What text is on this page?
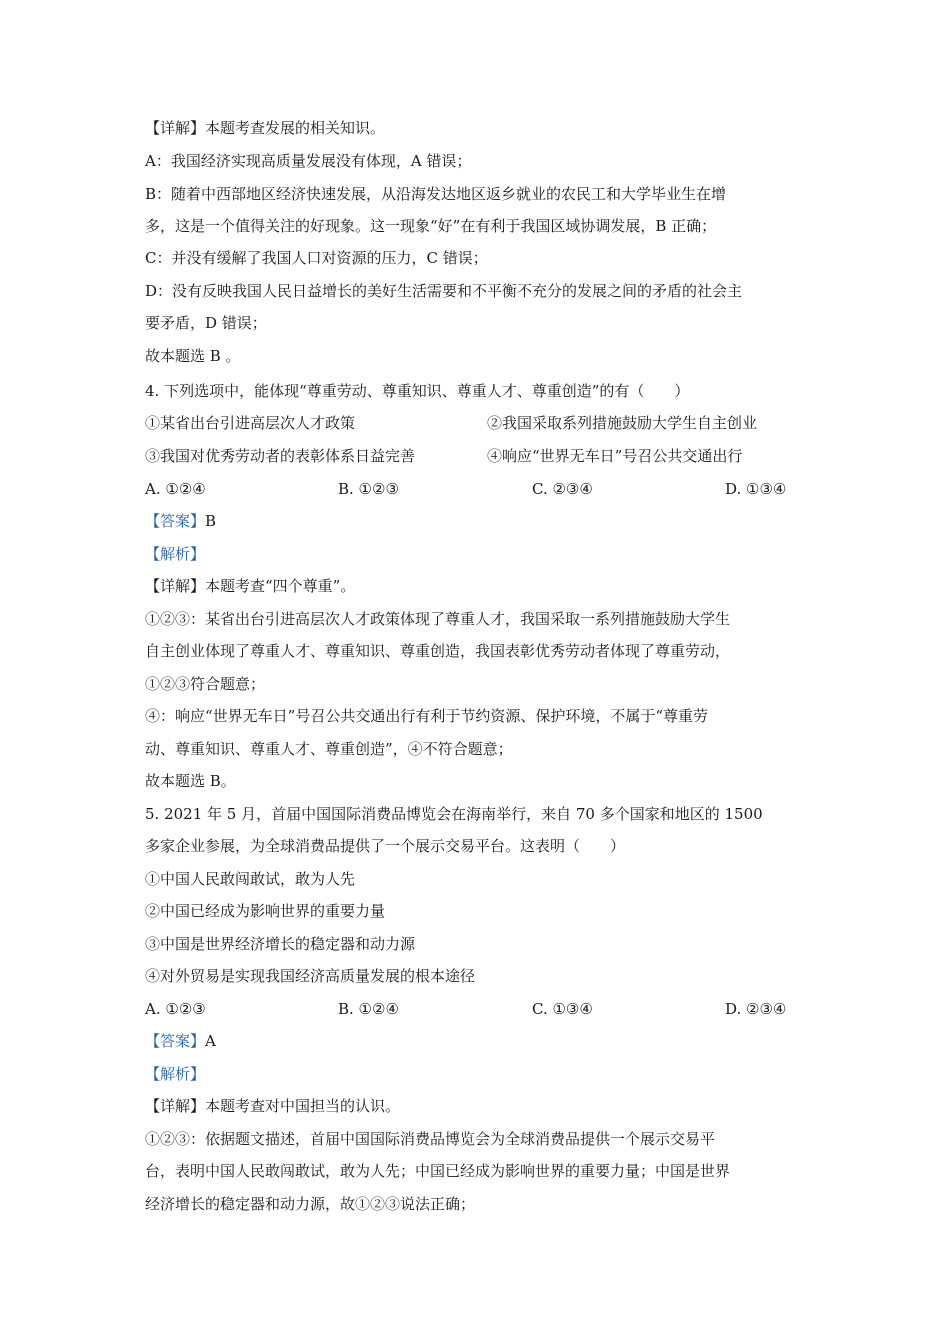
【详解】本题考查发展的相关知识。
A：我国经济实现高质量发展没有体现，A 错误；
B：随着中西部地区经济快速发展，从沿海发达地区返乡就业的农民工和大学毕业生在增
多，这是一个值得关注的好现象。这一现象“好”在有利于我国区域协调发展，B 正确；
C：并没有缓解了我国人口对资源的压力，C 错误；
D：没有反映我国人民日益增长的美好生活需要和不平衡不充分的发展之间的矛盾的社会主
要矛盾，D 错误；
故本题选 B 。
4. 下列选项中，能体现“尊重劳动、尊重知识、尊重人才、尊重创造”的有（　　）
①某省出台引进高层次人才政策	②我国采取系列措施鼓励大学生自主创业
③我国对优秀劳动者的表彰体系日益完善	④响应“世界无车日”号召公共交通出行
A. ①②④	B. ①②③	C. ②③④	D. ①③④
【答案】B
【解析】
【详解】本题考查“四个尊重”。
①②③：某省出台引进高层次人才政策体现了尊重人才，我国采取一系列措施鼓励大学生
自主创业体现了尊重人才、尊重知识、尊重创造，我国表彰优秀劳动者体现了尊重劳动，
①②③符合题意；
④：响应“世界无车日”号召公共交通出行有利于节约资源、保护环境，不属于“尊重劳
动、尊重知识、尊重人才、尊重创造”，④不符合题意；
故本题选 B。
5. 2021 年 5 月，首届中国国际消费品博览会在海南举行，来自 70 多个国家和地区的 1500
多家企业参展，为全球消费品提供了一个展示交易平台。这表明（　　）
①中国人民敢闯敢试，敢为人先
②中国已经成为影响世界的重要力量
③中国是世界经济增长的稳定器和动力源
④对外贸易是实现我国经济高质量发展的根本途径
A. ①②③	B. ①②④	C. ①③④	D. ②③④
【答案】A
【解析】
【详解】本题考查对中国担当的认识。
①②③：依据题文描述，首届中国国际消费品博览会为全球消费品提供一个展示交易平
台，表明中国人民敢闯敢试，敢为人先；中国已经成为影响世界的重要力量；中国是世界
经济增长的稳定器和动力源，故①②③说法正确；
